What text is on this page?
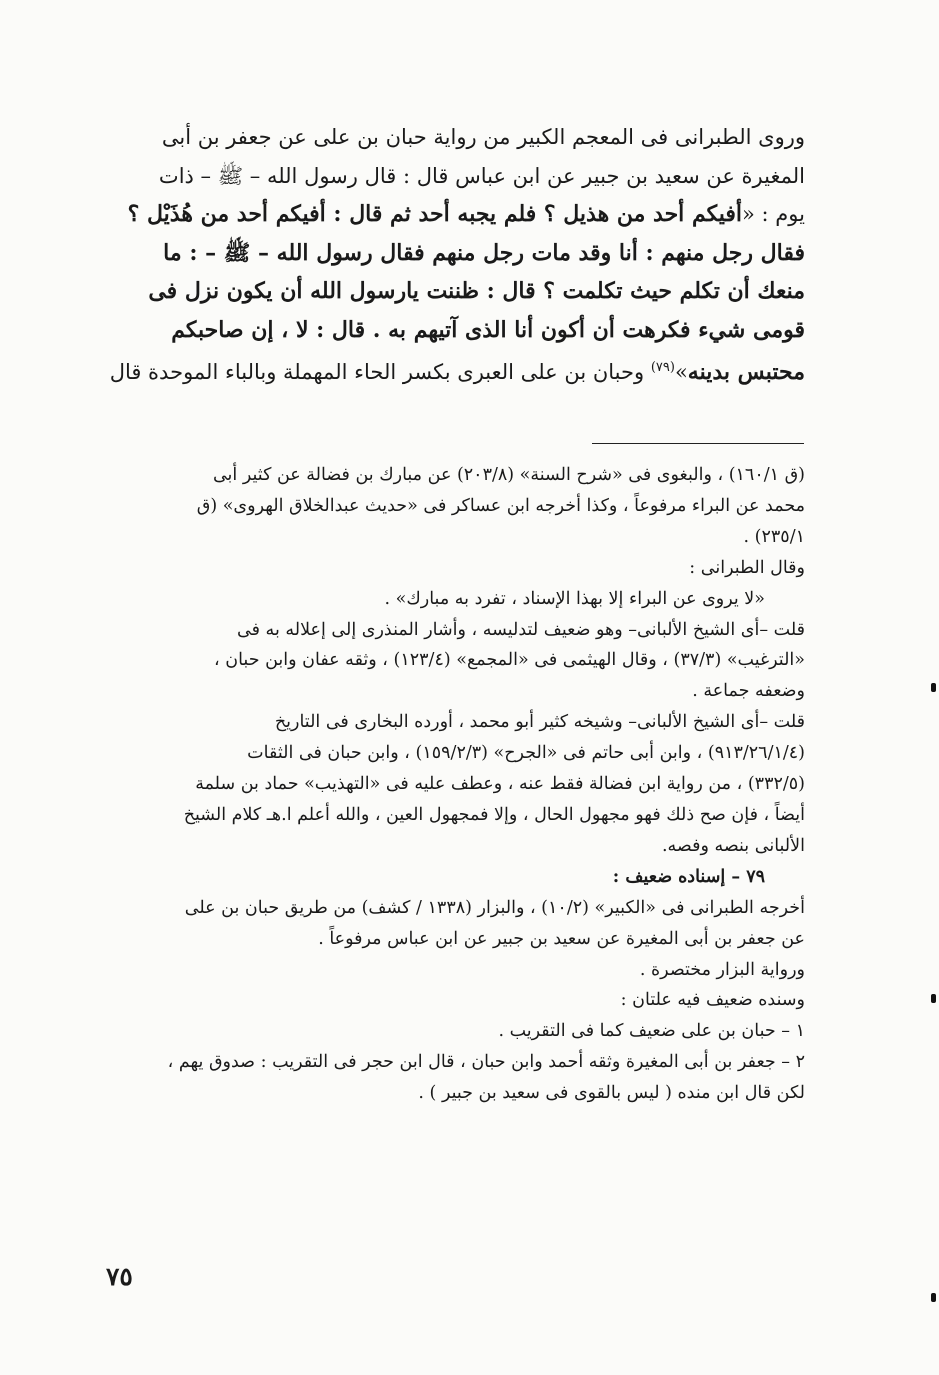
وروى الطبرانى فى المعجم الكبير من رواية حبان بن على عن جعفر بن أبى

المغيرة عن سعيد بن جبير عن ابن عباس قال : قال رسول الله – ﷺ – ذات

يوم : «أفيكم أحد من هذيل ؟ فلم يجبه أحد ثم قال : أفيكم أحد من هُذَيْل ؟

فقال رجل منهم : أنا وقد مات رجل منهم فقال رسول الله – ﷺ – : ما

منعك أن تكلم حيث تكلمت ؟ قال : ظننت يارسول الله أن يكون نزل فى

قومى شيء فكرهت أن أكون أنا الذى آتيهم به . قال : لا ، إن صاحبكم

محتبس بدينه»$^{(٧٩)}$ وحبان بن على العبرى بكسر الحاء المهملة وبالباء الموحدة قال

(ق ١٦٠/١) ، والبغوى فى «شرح السنة» (٢٠٣/٨) عن مبارك بن فضالة عن كثير أبى

محمد عن البراء مرفوعاً ، وكذا أخرجه ابن عساكر فى «حديث عبدالخلاق الهروى» (ق

٢٣٥/١) .

وقال الطبرانى :

«لا يروى عن البراء إلا بهذا الإسناد ، تفرد به مبارك» .

قلت –أى الشيخ الألبانى– وهو ضعيف لتدليسه ، وأشار المنذرى إلى إعلاله به فى

«الترغيب» (٣٧/٣) ، وقال الهيثمى فى «المجمع» (١٢٣/٤) ، وثقه عفان وابن حبان ،

وضعفه جماعة .

قلت –أى الشيخ الألبانى– وشيخه كثير أبو محمد ، أورده البخارى فى التاريخ

(٩١٣/٢٦/١/٤) ، وابن أبى حاتم فى «الجرح» (١٥٩/٢/٣) ، وابن حبان فى الثقات

(٣٣٢/٥) ، من رواية ابن فضالة فقط عنه ، وعطف عليه فى «التهذيب» حماد بن سلمة

أيضاً ، فإن صح ذلك فهو مجهول الحال ، وإلا فمجهول العين ، والله أعلم ا.هـ كلام الشيخ

الألبانى بنصه وفصه.

٧٩ – إسناده ضعيف :

أخرجه الطبرانى فى «الكبير» (١٠/٢) ، والبزار (١٣٣٨ / كشف) من طريق حبان بن على

عن جعفر بن أبى المغيرة عن سعيد بن جبير عن ابن عباس مرفوعاً .

ورواية البزار مختصرة .

وسنده ضعيف فيه علتان :

١ – حبان بن على ضعيف كما فى التقريب .

٢ – جعفر بن أبى المغيرة وثقه أحمد وابن حبان ، قال ابن حجر فى التقريب : صدوق يهم ،

لكن قال ابن منده ( ليس بالقوى فى سعيد بن جبير ) .

٧٥
